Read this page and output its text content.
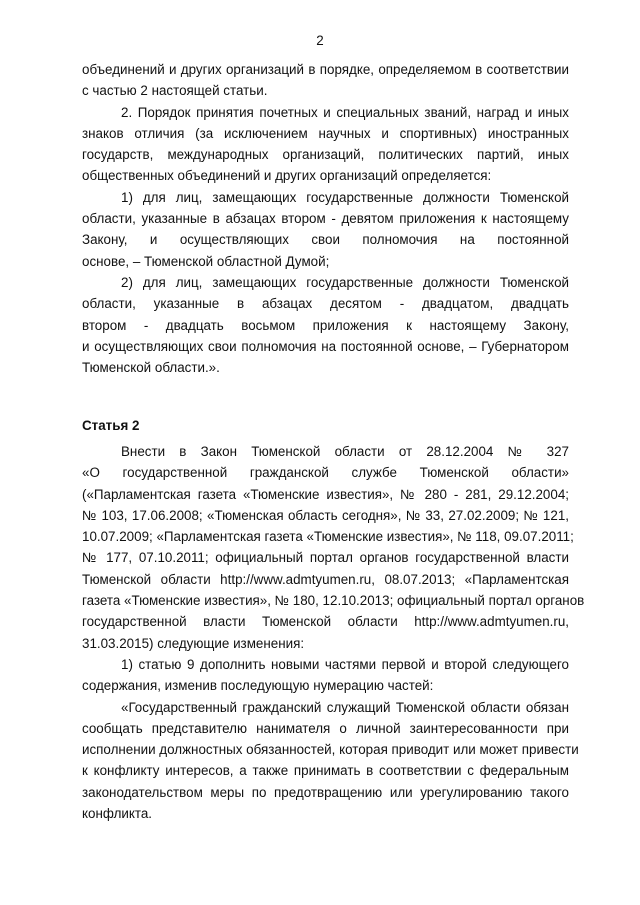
2
объединений и других организаций в порядке, определяемом в соответствии
с частью 2 настоящей статьи.
2. Порядок принятия почетных и специальных званий, наград и иных
знаков отличия (за исключением научных и спортивных) иностранных
государств, международных организаций, политических партий, иных
общественных объединений и других организаций определяется:
1) для лиц, замещающих государственные должности Тюменской
области, указанные в абзацах втором - девятом приложения к настоящему
Закону, и осуществляющих свои полномочия на постоянной
основе, – Тюменской областной Думой;
2) для лиц, замещающих государственные должности Тюменской
области, указанные в абзацах десятом - двадцатом, двадцать
втором - двадцать восьмом приложения к настоящему Закону,
и осуществляющих свои полномочия на постоянной основе, – Губернатором
Тюменской области.».
Статья 2
Внести в Закон Тюменской области от 28.12.2004 № 327
«О государственной гражданской службе Тюменской области»
(«Парламентская газета «Тюменские известия», № 280 - 281, 29.12.2004;
№ 103, 17.06.2008; «Тюменская область сегодня», № 33, 27.02.2009; № 121,
10.07.2009; «Парламентская газета «Тюменские известия», № 118, 09.07.2011;
№ 177, 07.10.2011; официальный портал органов государственной власти
Тюменской области http://www.admtyumen.ru, 08.07.2013; «Парламентская
газета «Тюменские известия», № 180, 12.10.2013; официальный портал органов
государственной власти Тюменской области http://www.admtyumen.ru,
31.03.2015) следующие изменения:
1) статью 9 дополнить новыми частями первой и второй следующего
содержания, изменив последующую нумерацию частей:
«Государственный гражданский служащий Тюменской области обязан
сообщать представителю нанимателя о личной заинтересованности при
исполнении должностных обязанностей, которая приводит или может привести
к конфликту интересов, а также принимать в соответствии с федеральным
законодательством меры по предотвращению или урегулированию такого
конфликта.
